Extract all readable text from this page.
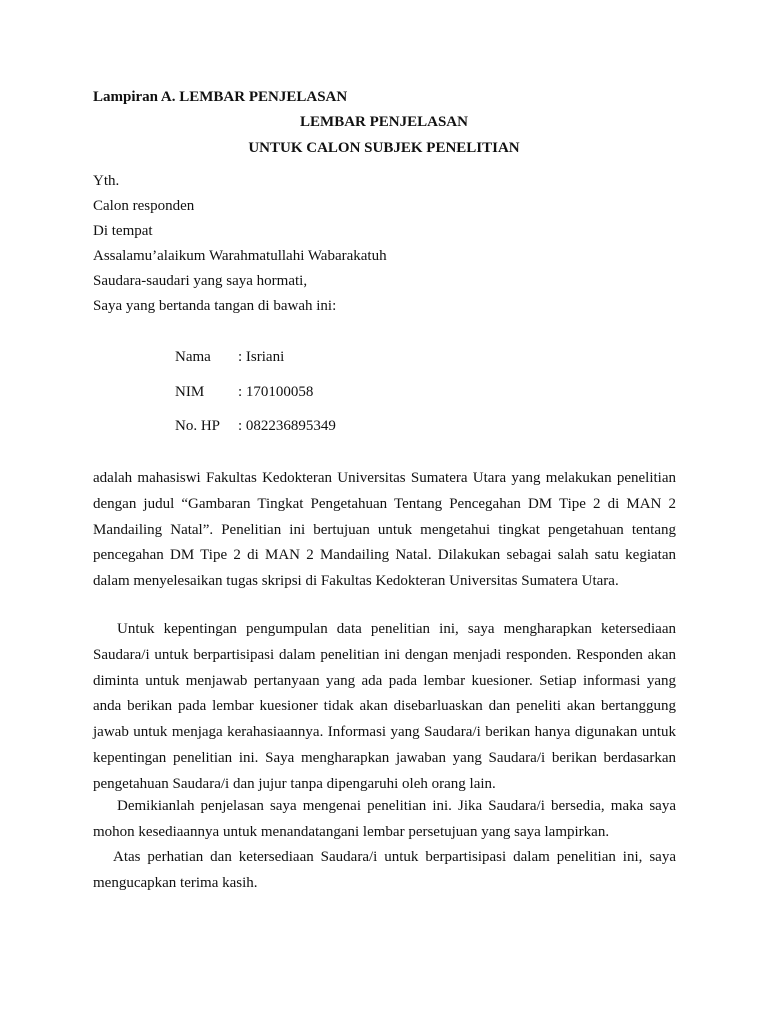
Lampiran A. LEMBAR PENJELASAN
LEMBAR PENJELASAN
UNTUK CALON SUBJEK PENELITIAN
Yth.
Calon responden
Di tempat
Assalamu’alaikum Warahmatullahi Wabarakatuh
Saudara-saudari yang saya hormati,
Saya yang bertanda tangan di bawah ini:
Nama : Isriani
NIM : 170100058
No. HP : 082236895349

adalah mahasiswi Fakultas Kedokteran Universitas Sumatera Utara yang melakukan penelitian dengan judul “Gambaran Tingkat Pengetahuan Tentang Pencegahan DM Tipe 2 di MAN 2 Mandailing Natal”. Penelitian ini bertujuan untuk mengetahui tingkat pengetahuan tentang pencegahan DM Tipe 2 di MAN 2 Mandailing Natal. Dilakukan sebagai salah satu kegiatan dalam menyelesaikan tugas skripsi di Fakultas Kedokteran Universitas Sumatera Utara.

Untuk kepentingan pengumpulan data penelitian ini, saya mengharapkan ketersediaan Saudara/i untuk berpartisipasi dalam penelitian ini dengan menjadi responden. Responden akan diminta untuk menjawab pertanyaan yang ada pada lembar kuesioner. Setiap informasi yang anda berikan pada lembar kuesioner tidak akan disebarluaskan dan peneliti akan bertanggung jawab untuk menjaga kerahasiaannya. Informasi yang Saudara/i berikan hanya digunakan untuk kepentingan penelitian ini. Saya mengharapkan jawaban yang Saudara/i berikan berdasarkan pengetahuan Saudara/i dan jujur tanpa dipengaruhi oleh orang lain.

Demikianlah penjelasan saya mengenai penelitian ini. Jika Saudara/i bersedia, maka saya mohon kesediaannya untuk menandatangani lembar persetujuan yang saya lampirkan.

Atas perhatian dan ketersediaan Saudara/i untuk berpartisipasi dalam penelitian ini, saya mengucapkan terima kasih.
